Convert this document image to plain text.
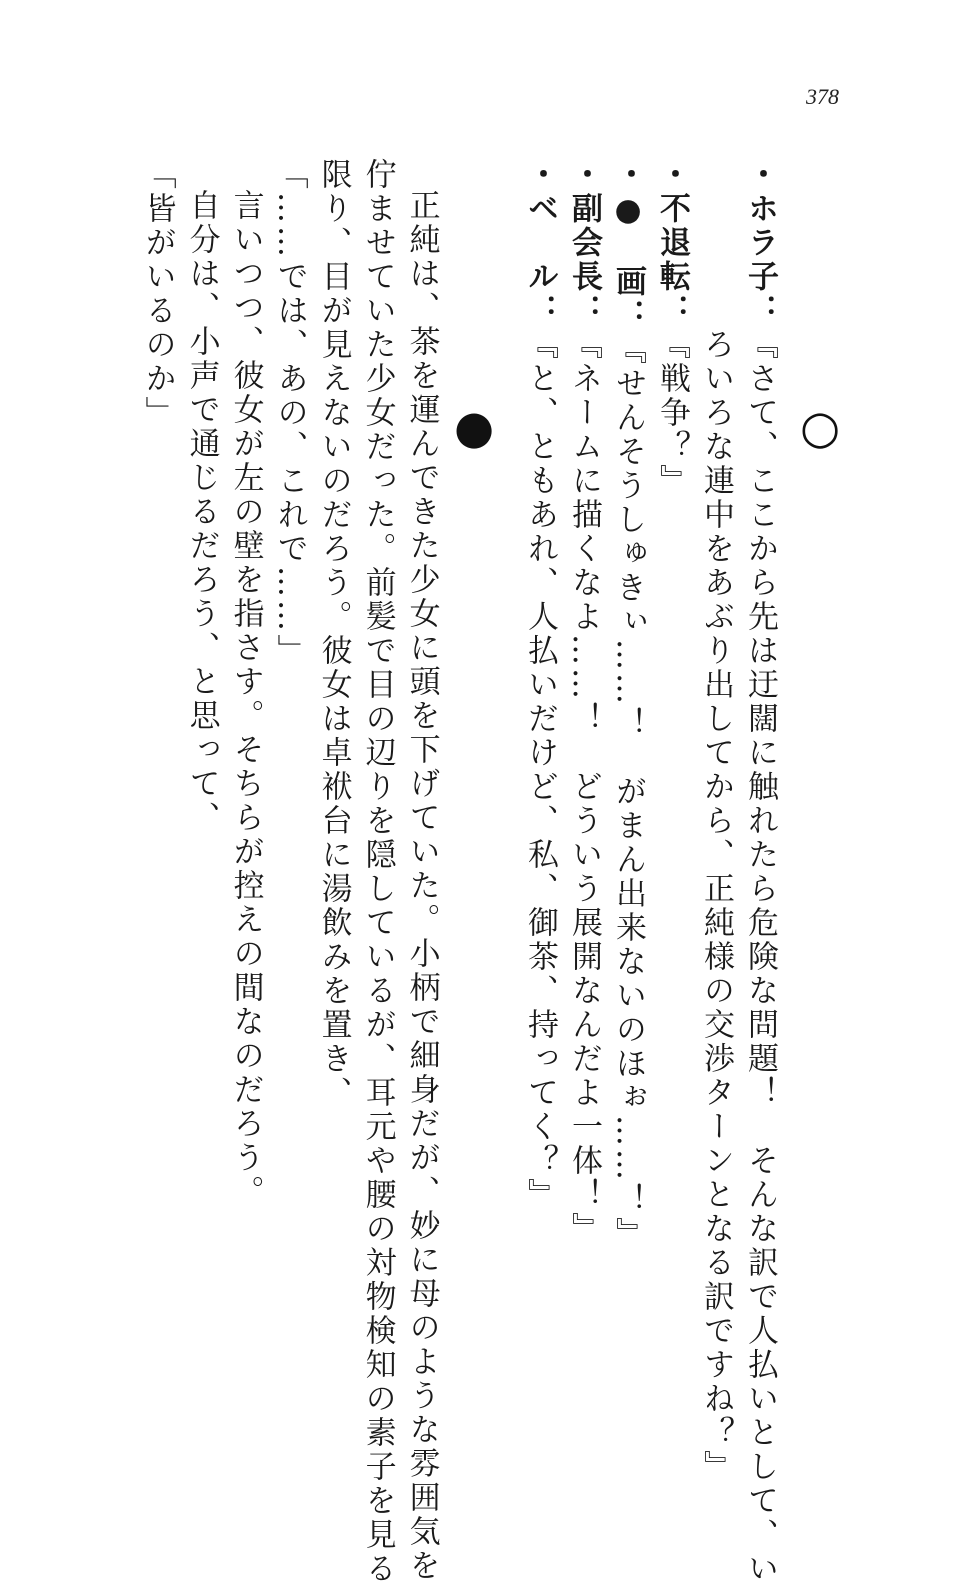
378
○
●
・ホラ子：『さて、ここから先は迂闊に触れたら危険な問題！　そんな訳で人払いとして、い
ろいろな連中をあぶり出してから、正純様の交渉ターンとなる訳ですね？』
・不退転：『戦争？』
・●　画：『せんそうしゅきぃ……！　がまん出来ないのほぉ……！』
・副会長：『ネームに描くなよ……！　どういう展開なんだよ一体！』
・ベ　ル：『と、ともあれ、人払いだけど、私、御茶、持ってく？』
正純は、茶を運んできた少女に頭を下げていた。小柄で細身だが、妙に母のような雰囲気を
佇ませていた少女だった。前髪で目の辺りを隠しているが、耳元や腰の対物検知の素子を見る
限り、目が見えないのだろう。彼女は卓袱台に湯飲みを置き、
「……では、あの、これで……」
言いつつ、彼女が左の壁を指さす。そちらが控えの間なのだろう。
自分は、小声で通じるだろう、と思って、
「皆がいるのか」
